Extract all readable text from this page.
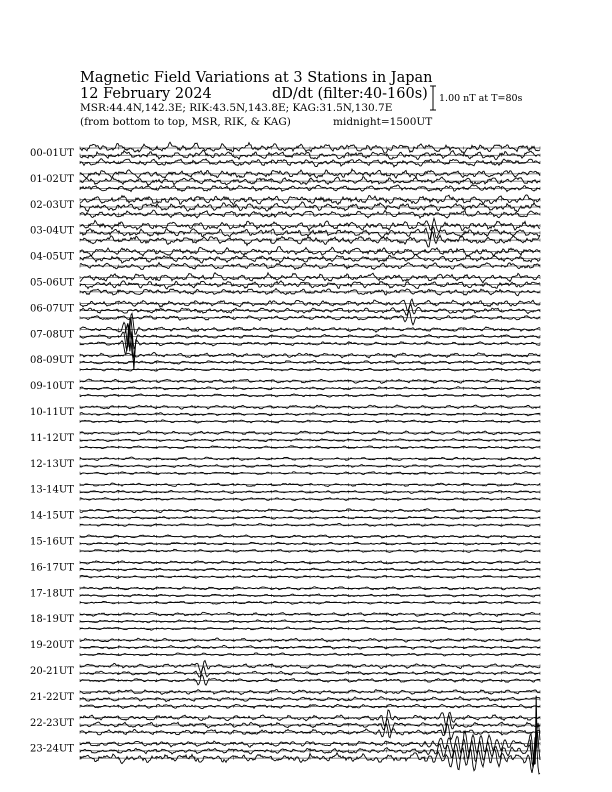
Magnetic Field Variations at 3 Stations in Japan
12 February 2024	dD/dt (filter:40-160s)
MSR:44.4N,142.3E; RIK:43.5N,143.8E; KAG:31.5N,130.7E
(from bottom to top, MSR, RIK, & KAG)	midnight=1500UT
1.00 nT at T=80s
00-01UT
01-02UT
02-03UT
03-04UT
04-05UT
05-06UT
06-07UT
07-08UT
08-09UT
09-10UT
10-11UT
11-12UT
12-13UT
13-14UT
14-15UT
15-16UT
16-17UT
17-18UT
18-19UT
19-20UT
20-21UT
21-22UT
22-23UT
23-24UT
